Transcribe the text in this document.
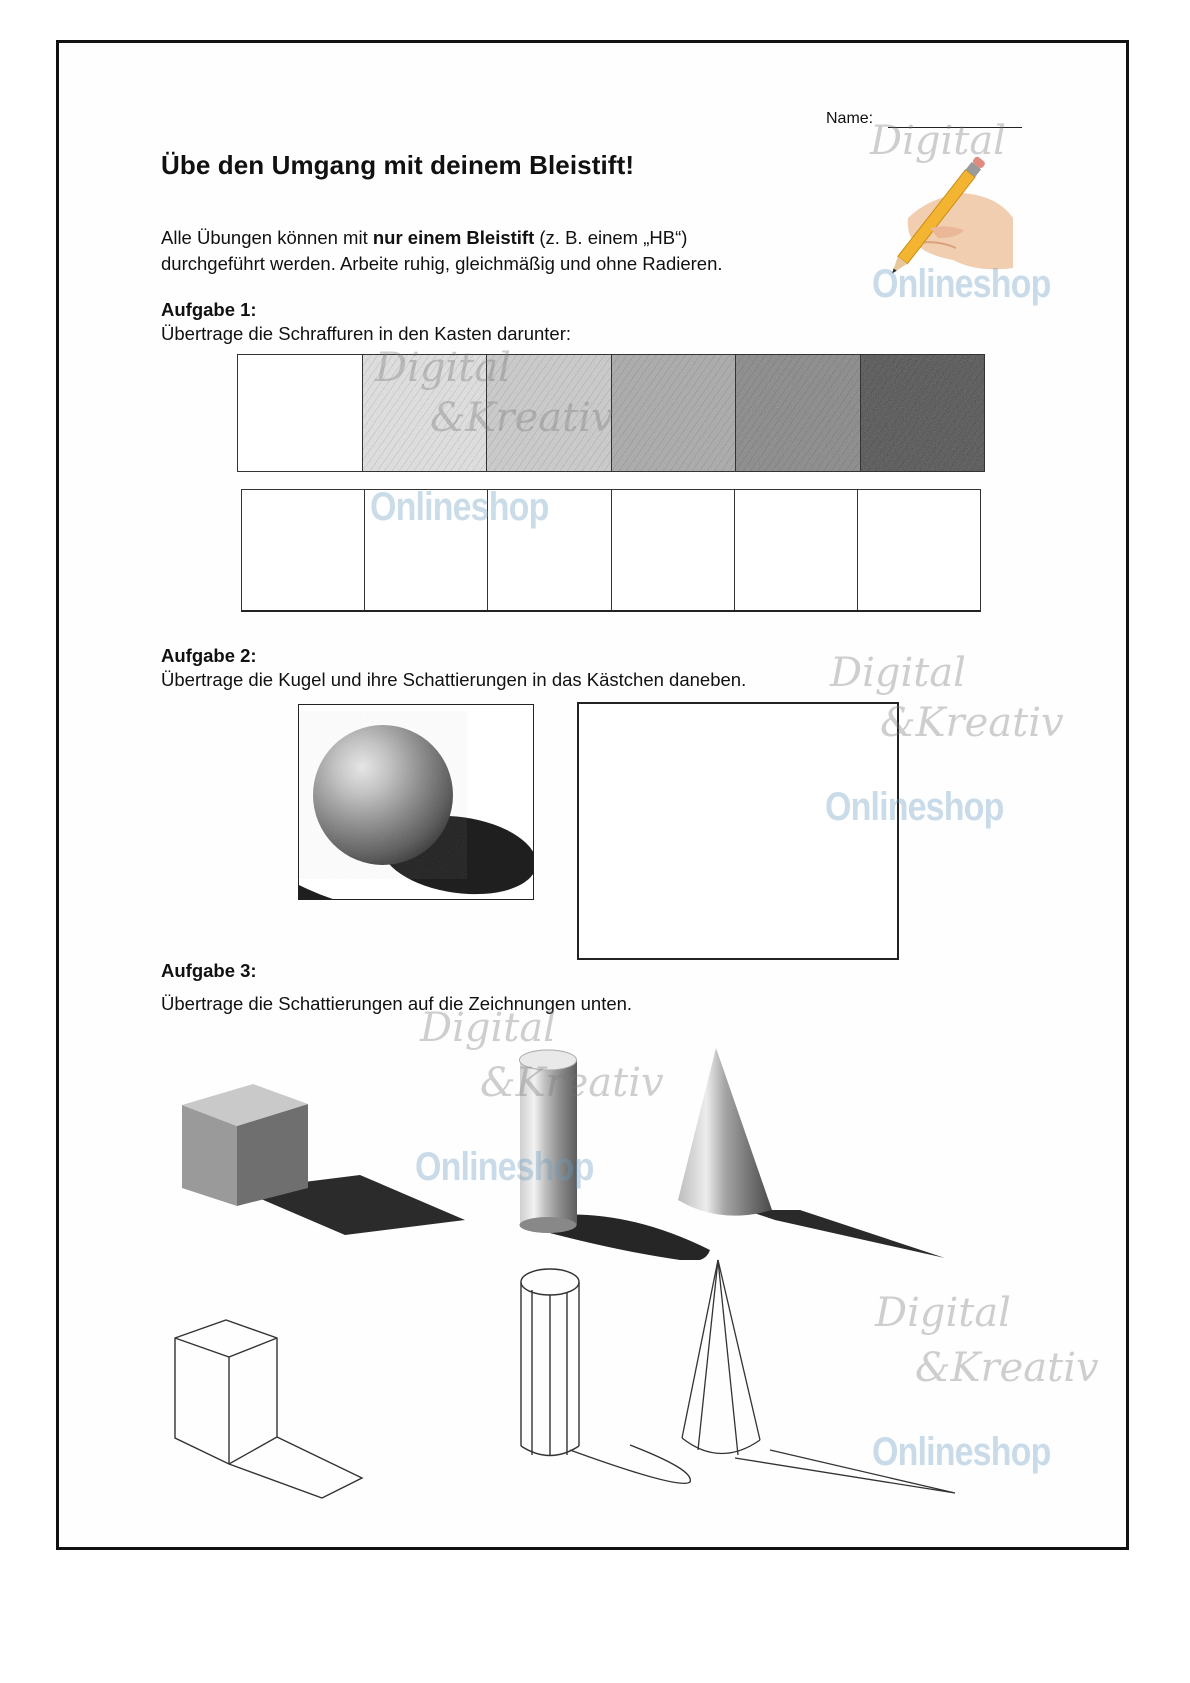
Name:
Übe den Umgang mit deinem Bleistift!
Alle Übungen können mit nur einem Bleistift (z. B. einem „HB“)
durchgeführt werden. Arbeite ruhig, gleichmäßig und ohne Radieren.
Aufgabe 1:
Übertrage die Schraffuren in den Kasten darunter:
Aufgabe 2:
Übertrage die Kugel und ihre Schattierungen in das Kästchen daneben.
Aufgabe 3:
Übertrage die Schattierungen auf die Zeichnungen unten.
Digital
Onlineshop
Digital
&Kreativ
Onlineshop
Digital
&Kreativ
Onlineshop
Digital
&Kreativ
Onlineshop
Digital
&Kreativ
Onlineshop
